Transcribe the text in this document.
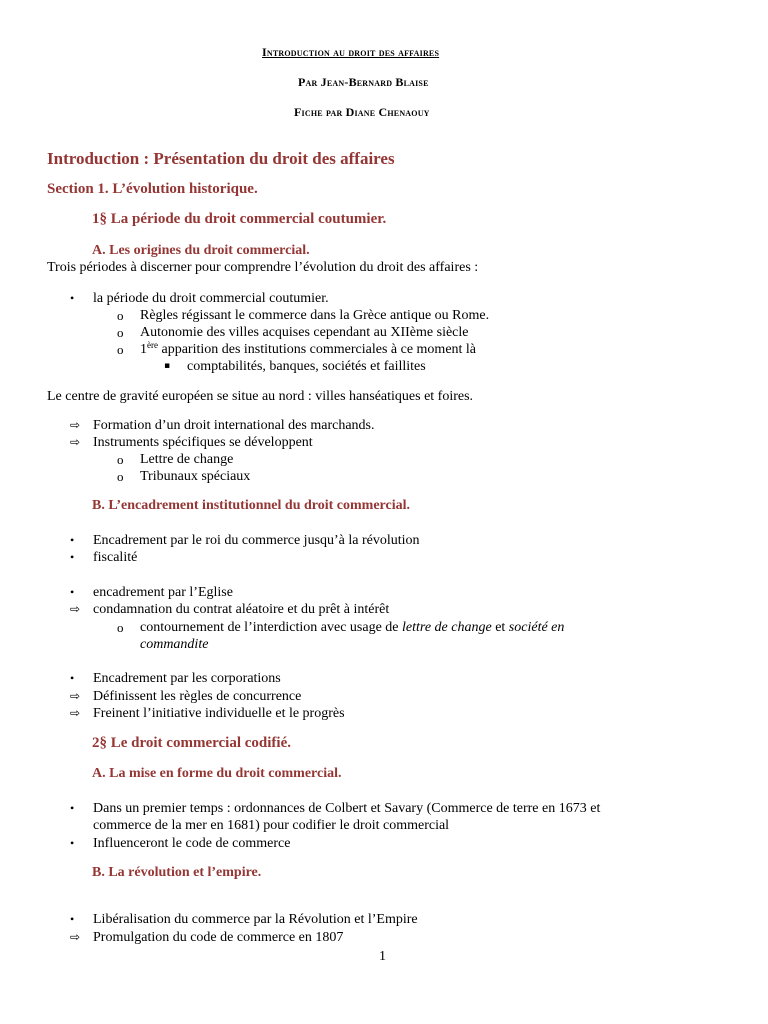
Introduction au droit des affaires
Par Jean-Bernard Blaise
Fiche par Diane Chenaouy
Introduction : Présentation du droit des affaires
Section 1. L’évolution historique.
1§ La période du droit commercial coutumier.
A. Les origines du droit commercial.
Trois périodes à discerner pour comprendre l’évolution du droit des affaires :
• la période du droit commercial coutumier.
o Règles régissant le commerce dans la Grèce antique ou Rome.
o Autonomie des villes acquises cependant au XIIème siècle
o 1ère apparition des institutions commerciales à ce moment là
▪ comptabilités, banques, sociétés et faillites
Le centre de gravité européen se situe au nord : villes hanséatiques et foires.
⇨ Formation d’un droit international des marchands.
⇨ Instruments spécifiques se développent
o Lettre de change
o Tribunaux spéciaux
B. L’encadrement institutionnel du droit commercial.
• Encadrement par le roi du commerce jusqu’à la révolution
• fiscalité
• encadrement par l’Eglise
⇨ condamnation du contrat aléatoire et du prêt à intérêt
o contournement de l’interdiction avec usage de lettre de change et société en
commandite
• Encadrement par les corporations
⇨ Définissent les règles de concurrence
⇨ Freinent l’initiative individuelle et le progrès
2§ Le droit commercial codifié.
A. La mise en forme du droit commercial.
• Dans un premier temps : ordonnances de Colbert et Savary (Commerce de terre en 1673 et
commerce de la mer en 1681) pour codifier le droit commercial
• Influenceront le code de commerce
B. La révolution et l’empire.
• Libéralisation du commerce par la Révolution et l’Empire
⇨ Promulgation du code de commerce en 1807
1
